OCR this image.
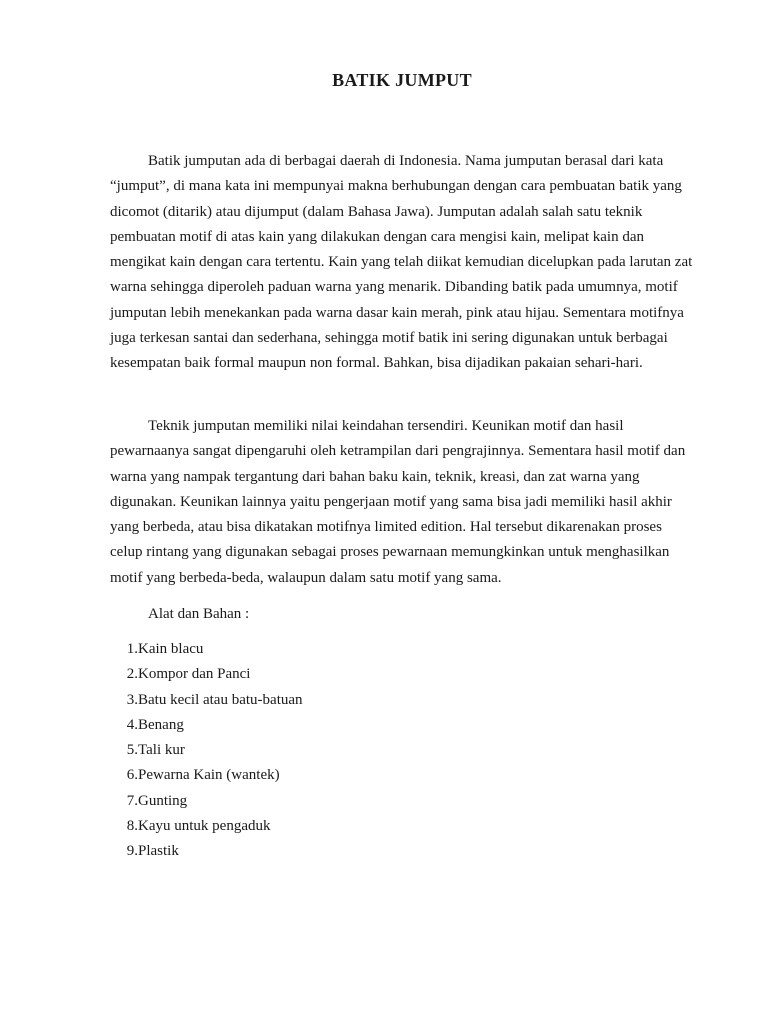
BATIK JUMPUT

Batik jumputan ada di berbagai daerah di Indonesia. Nama jumputan berasal dari kata “jumput”, di mana kata ini mempunyai makna berhubungan dengan cara pembuatan batik yang dicomot (ditarik) atau dijumput (dalam Bahasa Jawa). Jumputan adalah salah satu teknik pembuatan motif di atas kain yang dilakukan dengan cara mengisi kain, melipat kain dan mengikat kain dengan cara tertentu. Kain yang telah diikat kemudian dicelupkan pada larutan zat warna sehingga diperoleh paduan warna yang menarik. Dibanding batik pada umumnya, motif jumputan lebih menekankan pada warna dasar kain merah, pink atau hijau. Sementara motifnya juga terkesan santai dan sederhana, sehingga motif batik ini sering digunakan untuk berbagai kesempatan baik formal maupun non formal. Bahkan, bisa dijadikan pakaian sehari-hari.

Teknik jumputan memiliki nilai keindahan tersendiri. Keunikan motif dan hasil pewarnaanya sangat dipengaruhi oleh ketrampilan dari pengrajinnya. Sementara hasil motif dan warna yang nampak tergantung dari bahan baku kain, teknik, kreasi, dan zat warna yang digunakan. Keunikan lainnya yaitu pengerjaan motif yang sama bisa jadi memiliki hasil akhir yang berbeda, atau bisa dikatakan motifnya limited edition. Hal tersebut dikarenakan proses celup rintang yang digunakan sebagai proses pewarnaan memungkinkan untuk menghasilkan motif yang berbeda-beda, walaupun dalam satu motif yang sama.

Alat dan Bahan :

1. Kain blacu
2. Kompor dan Panci
3. Batu kecil atau batu-batuan
4. Benang
5. Tali kur
6. Pewarna Kain (wantek)
7. Gunting
8. Kayu untuk pengaduk
9. Plastik
